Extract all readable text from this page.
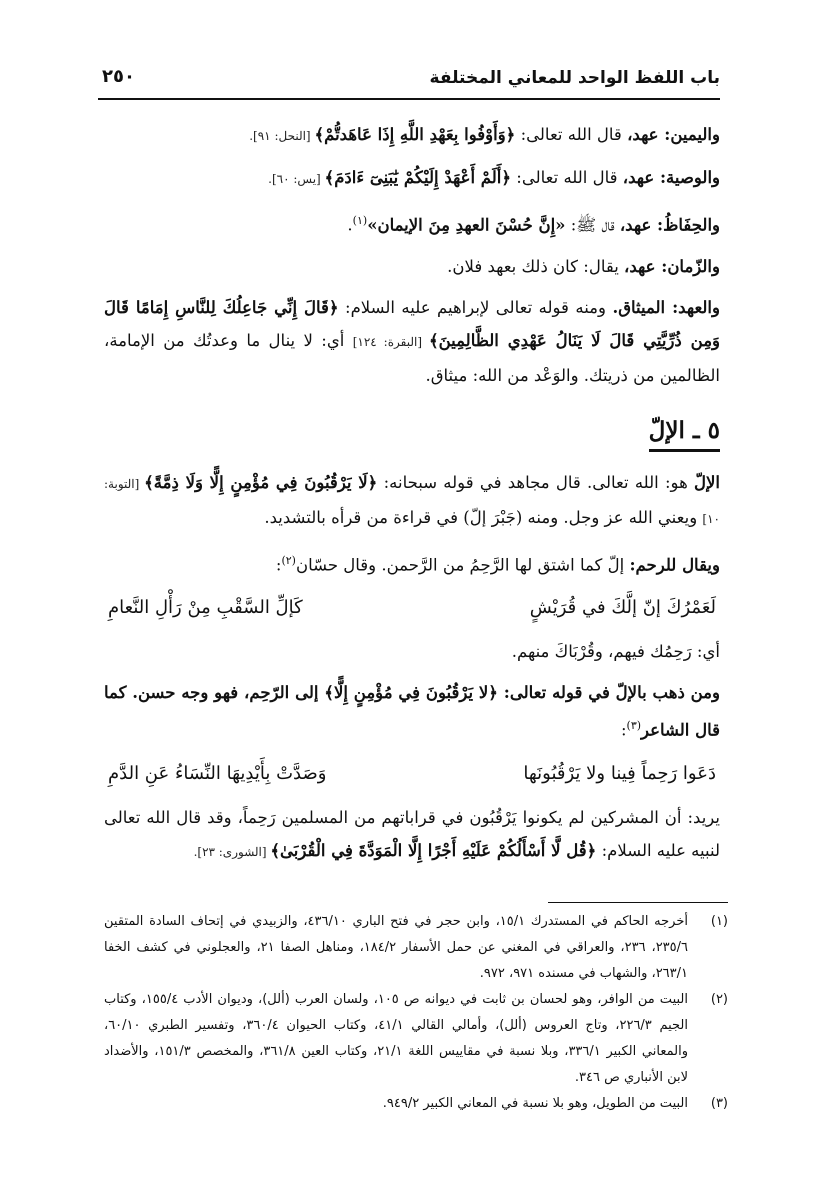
باب اللفظ الواحد للمعاني المختلفة
٢٥٠

واليمين: عهد، قال الله تعالى: ﴿وَأَوْفُوا بِعَهْدِ اللَّهِ إِذَا عَاهَدتُّمْ﴾ [النحل: ٩١].

والوصية: عهد، قال الله تعالى: ﴿أَلَمْ أَعْهَدْ إِلَيْكُمْ يَٰبَنِىٓ ءَادَمَ﴾ [يس: ٦٠].

والحِفَاظُ: عهد، قال ﷺ: «إِنَّ حُسْنَ العهدِ مِنَ الإيمان»$^{(١)}$.

والزّمان: عهد، يقال: كان ذلك بعهد فلان.

والعهد: الميثاق. ومنه قوله تعالى لإبراهيم عليه السلام: ﴿قَالَ إِنِّي جَاعِلُكَ لِلنَّاسِ إِمَامًا قَالَ وَمِن ذُرِّيَّتِي قَالَ لَا يَنَالُ عَهْدِي الظَّالِمِينَ﴾ [البقرة: ١٢٤] أي: لا ينال ما وعدتُك من الإمامة، الظالمين من ذريتك. والوَعْد من الله: ميثاق.

٥ ـ الإلّ

الإلّ هو: الله تعالى. قال مجاهد في قوله سبحانه: ﴿لَا يَرْقُبُونَ فِي مُؤْمِنٍ إِلًّا وَلَا ذِمَّةً﴾ [التوبة: ١٠] ويعني الله عز وجل. ومنه (جَبْرَ إلّ) في قراءة من قرأه بالتشديد.

ويقال للرحم: إلّ كما اشتق لها الرَّحِمُ من الرَّحمن. وقال حسّان$^{(٢)}$:

لَعَمْرُكَ إنّ إلَّكَ في قُرَيْشٍ
كَإلِّ السَّقْبِ مِنْ رَأْلِ النَّعامِ

أي: رَحِمُك فيهم، وقُرْبَاكَ منهم.

ومن ذهب بالإلّ في قوله تعالى: ﴿لا يَرْقُبُونَ فِي مُؤْمِنٍ إِلًّا﴾ إلى الرّحِم، فهو وجه حسن. كما قال الشاعر$^{(٣)}$:

دَعَوا رَحِماً فِينا ولا يَرْقُبُونَها
وَصَدَّتْ بِأَيْدِيهَا النِّسَاءُ عَنِ الدَّمِ

يريد: أن المشركين لم يكونوا يَرْقُبُون في قراباتهم من المسلمين رَحِماً، وقد قال الله تعالى لنبيه عليه السلام: ﴿قُل لَّا أَسْأَلُكُمْ عَلَيْهِ أَجْرًا إِلَّا الْمَوَدَّةَ فِي الْقُرْبَىٰ﴾ [الشورى: ٢٣].

(١)
أخرجه الحاكم في المستدرك ١٥/١، وابن حجر في فتح الباري ٤٣٦/١٠، والزبيدي في إتحاف السادة المتقين ٢٣٥/٦، ٢٣٦، والعراقي في المغني عن حمل الأسفار ١٨٤/٢، ومناهل الصفا ٢١، والعجلوني في كشف الخفا ٢٦٣/١، والشهاب في مسنده ٩٧١، ٩٧٢.
(٢)
البيت من الوافر، وهو لحسان بن ثابت في ديوانه ص ١٠٥، ولسان العرب (ألل)، وديوان الأدب ١٥٥/٤، وكتاب الجيم ٢٢٦/٣، وتاج العروس (ألل)، وأمالي القالي ٤١/١، وكتاب الحيوان ٣٦٠/٤، وتفسير الطبري ٦٠/١٠، والمعاني الكبير ٣٣٦/١، وبلا نسبة في مقاييس اللغة ٢١/١، وكتاب العين ٣٦١/٨، والمخصص ١٥١/٣، والأضداد لابن الأنباري ص ٣٤٦.
(٣)
البيت من الطويل، وهو بلا نسبة في المعاني الكبير ٩٤٩/٢.
